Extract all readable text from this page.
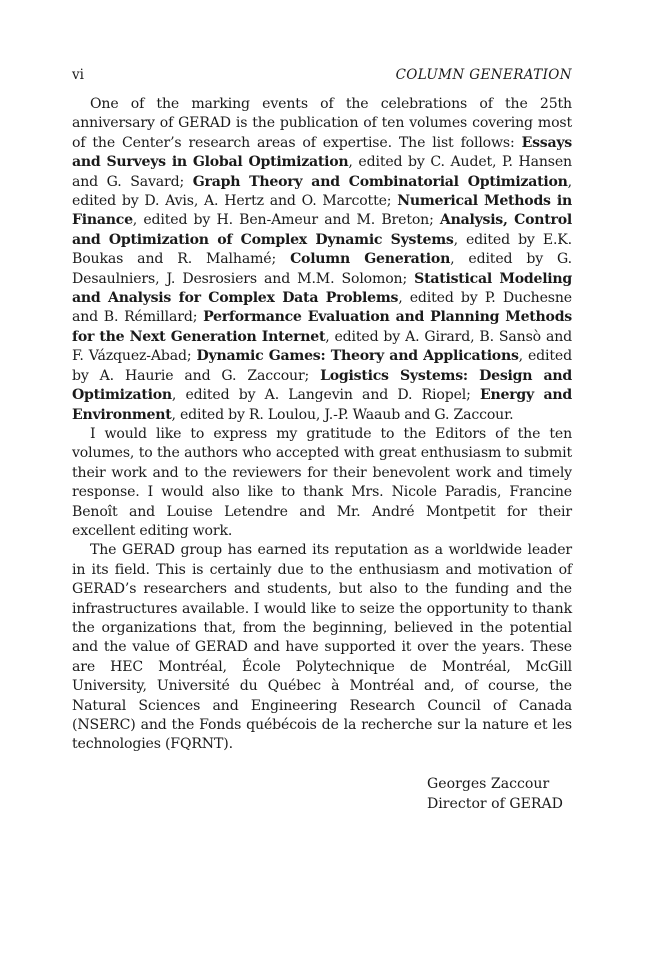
vi	COLUMN GENERATION

One of the marking events of the celebrations of the 25th anniversary of GERAD is the publication of ten volumes covering most of the Center’s research areas of expertise. The list follows: Essays and Surveys in Global Optimization, edited by C. Audet, P. Hansen and G. Savard; Graph Theory and Combinatorial Optimization, edited by D. Avis, A. Hertz and O. Marcotte; Numerical Methods in Finance, edited by H. Ben-Ameur and M. Breton; Analysis, Control and Optimization of Complex Dynamic Systems, edited by E.K. Boukas and R. Malhamé; Column Generation, edited by G. Desaulniers, J. Desrosiers and M.M. Solomon; Statistical Modeling and Analysis for Complex Data Problems, edited by P. Duchesne and B. Rémillard; Performance Evaluation and Planning Methods for the Next Generation Internet, edited by A. Girard, B. Sansò and F. Vázquez-Abad; Dynamic Games: Theory and Applications, edited by A. Haurie and G. Zaccour; Logistics Systems: Design and Optimization, edited by A. Langevin and D. Riopel; Energy and Environment, edited by R. Loulou, J.-P. Waaub and G. Zaccour.

I would like to express my gratitude to the Editors of the ten volumes, to the authors who accepted with great enthusiasm to submit their work and to the reviewers for their benevolent work and timely response. I would also like to thank Mrs. Nicole Paradis, Francine Benoît and Louise Letendre and Mr. André Montpetit for their excellent editing work.

The GERAD group has earned its reputation as a worldwide leader in its field. This is certainly due to the enthusiasm and motivation of GERAD’s researchers and students, but also to the funding and the infrastructures available. I would like to seize the opportunity to thank the organizations that, from the beginning, believed in the potential and the value of GERAD and have supported it over the years. These are HEC Montréal, École Polytechnique de Montréal, McGill University, Université du Québec à Montréal and, of course, the Natural Sciences and Engineering Research Council of Canada (NSERC) and the Fonds québécois de la recherche sur la nature et les technologies (FQRNT).

Georges Zaccour
Director of GERAD
